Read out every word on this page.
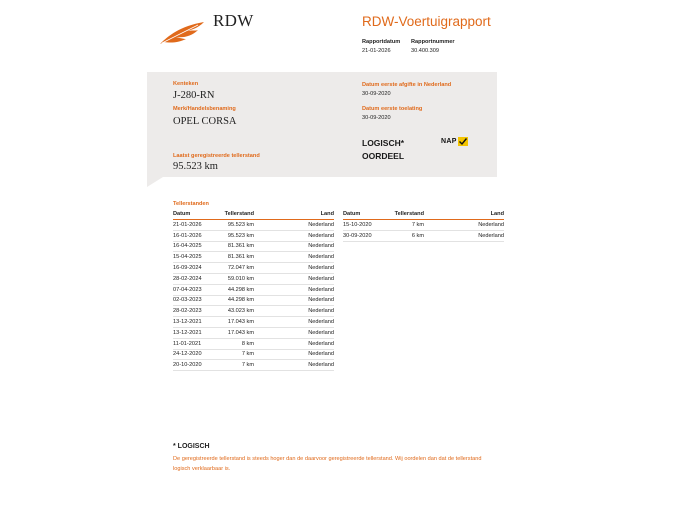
RDW	RDW-Voertuigrapport
Rapportdatum Rapportnummer
21-01-2026	30.400.309
Kenteken
J-280-RN
Merk/Handelsbenaming
OPEL CORSA
Laatst geregistreerde tellerstand
95.523 km
Datum eerste afgifte in Nederland
30-09-2020
Datum eerste toelating
30-09-2020
LOGISCH*
OORDEEL
NAP
Tellerstanden
Datum	Tellerstand	Land
21-01-2026	95.523 km	Nederland
16-01-2026	95.523 km	Nederland
16-04-2025	81.361 km	Nederland
15-04-2025	81.361 km	Nederland
16-09-2024	72.047 km	Nederland
28-02-2024	59.010 km	Nederland
07-04-2023	44.298 km	Nederland
02-03-2023	44.298 km	Nederland
28-02-2023	43.023 km	Nederland
13-12-2021	17.043 km	Nederland
13-12-2021	17.043 km	Nederland
11-01-2021	8 km	Nederland
24-12-2020	7 km	Nederland
20-10-2020	7 km	Nederland
Datum	Tellerstand	Land
15-10-2020	7 km	Nederland
30-09-2020	6 km	Nederland
* LOGISCH
De geregistreerde tellerstand is steeds hoger dan de daarvoor geregistreerde tellerstand. Wij oordelen dan dat de tellerstand logisch verklaarbaar is.
